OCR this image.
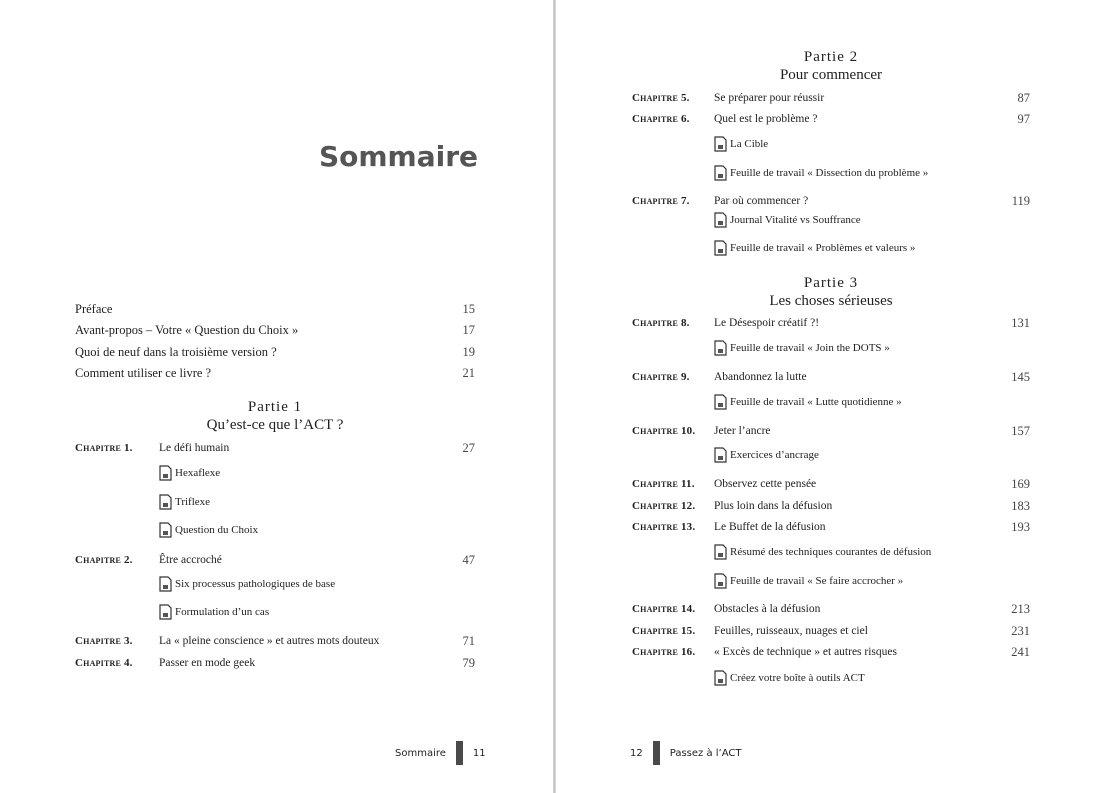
Sommaire
Préface	15
Avant-propos – Votre « Question du Choix »	17
Quoi de neuf dans la troisième version ?	19
Comment utiliser ce livre ?	21
Partie 1
Qu’est-ce que l’ACT ?
Chapitre 1. Le défi humain	27
Hexaflexe
Triflexe
Question du Choix
Chapitre 2. Être accroché	47
Six processus pathologiques de base
Formulation d’un cas
Chapitre 3. La « pleine conscience » et autres mots douteux	71
Chapitre 4. Passer en mode geek	79
Sommaire	11
Partie 2
Pour commencer
Chapitre 5. Se préparer pour réussir	87
Chapitre 6. Quel est le problème ?	97
La Cible
Feuille de travail « Dissection du problème »
Chapitre 7. Par où commencer ?	119
Journal Vitalité vs Souffrance
Feuille de travail « Problèmes et valeurs »
Partie 3
Les choses sérieuses
Chapitre 8. Le Désespoir créatif ?!	131
Feuille de travail « Join the DOTS »
Chapitre 9. Abandonnez la lutte	145
Feuille de travail « Lutte quotidienne »
Chapitre 10. Jeter l’ancre	157
Exercices d’ancrage
Chapitre 11. Observez cette pensée	169
Chapitre 12. Plus loin dans la défusion	183
Chapitre 13. Le Buffet de la défusion	193
Résumé des techniques courantes de défusion
Feuille de travail « Se faire accrocher »
Chapitre 14. Obstacles à la défusion	213
Chapitre 15. Feuilles, ruisseaux, nuages et ciel	231
Chapitre 16. « Excès de technique » et autres risques	241
Créez votre boîte à outils ACT
12	Passez à l’ACT
